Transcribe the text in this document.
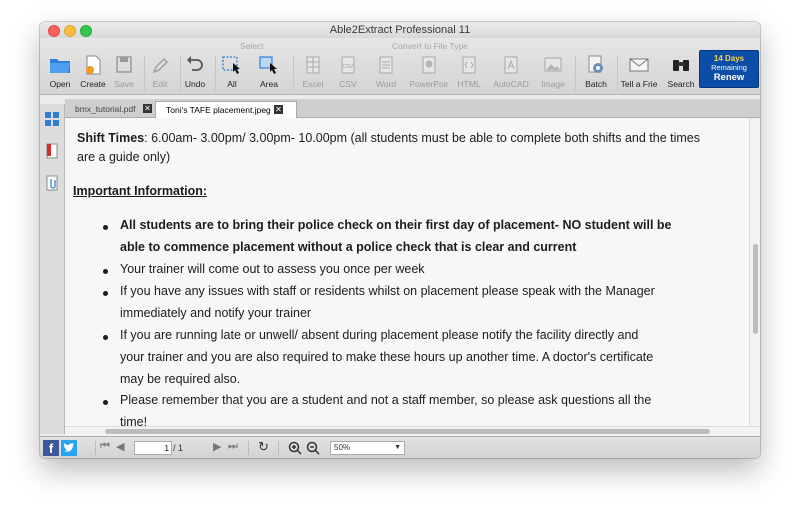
Able2Extract Professional 11
Select	Convert to File Type
Open	Create	Save	Edit	Undo	All	Area	Excel
CSV
CSV	Word	PowerPoir	HTML	AutoCAD	Image	Batch	Tell a Frie	Search
14 Days
Remaining
Renew
bmx_tutorial.pdf ✕	Toni's TAFE placement.jpeg ✕
Shift Times: 6.00am- 3.00pm/ 3.00pm- 10.00pm (all students must be able to complete both shifts and the times
are a guide only)
Important Information:
All students are to bring their police check on their first day of placement- NO student will be
able to commence placement without a police check that is clear and current
Your trainer will come out to assess you once per week
If you have any issues with staff or residents whilst on placement please speak with the Manager
immediately and notify your trainer
If you are running late or unwell/ absent during placement please notify the facility directly and
your trainer and you are also required to make these hours up another time. A doctor's certificate
may be required also.
Please remember that you are a student and not a staff member, so please ask questions all the
time!
f	⏮ ◀
1	/ 1	▶ ⏭ ↻	50%	▼
